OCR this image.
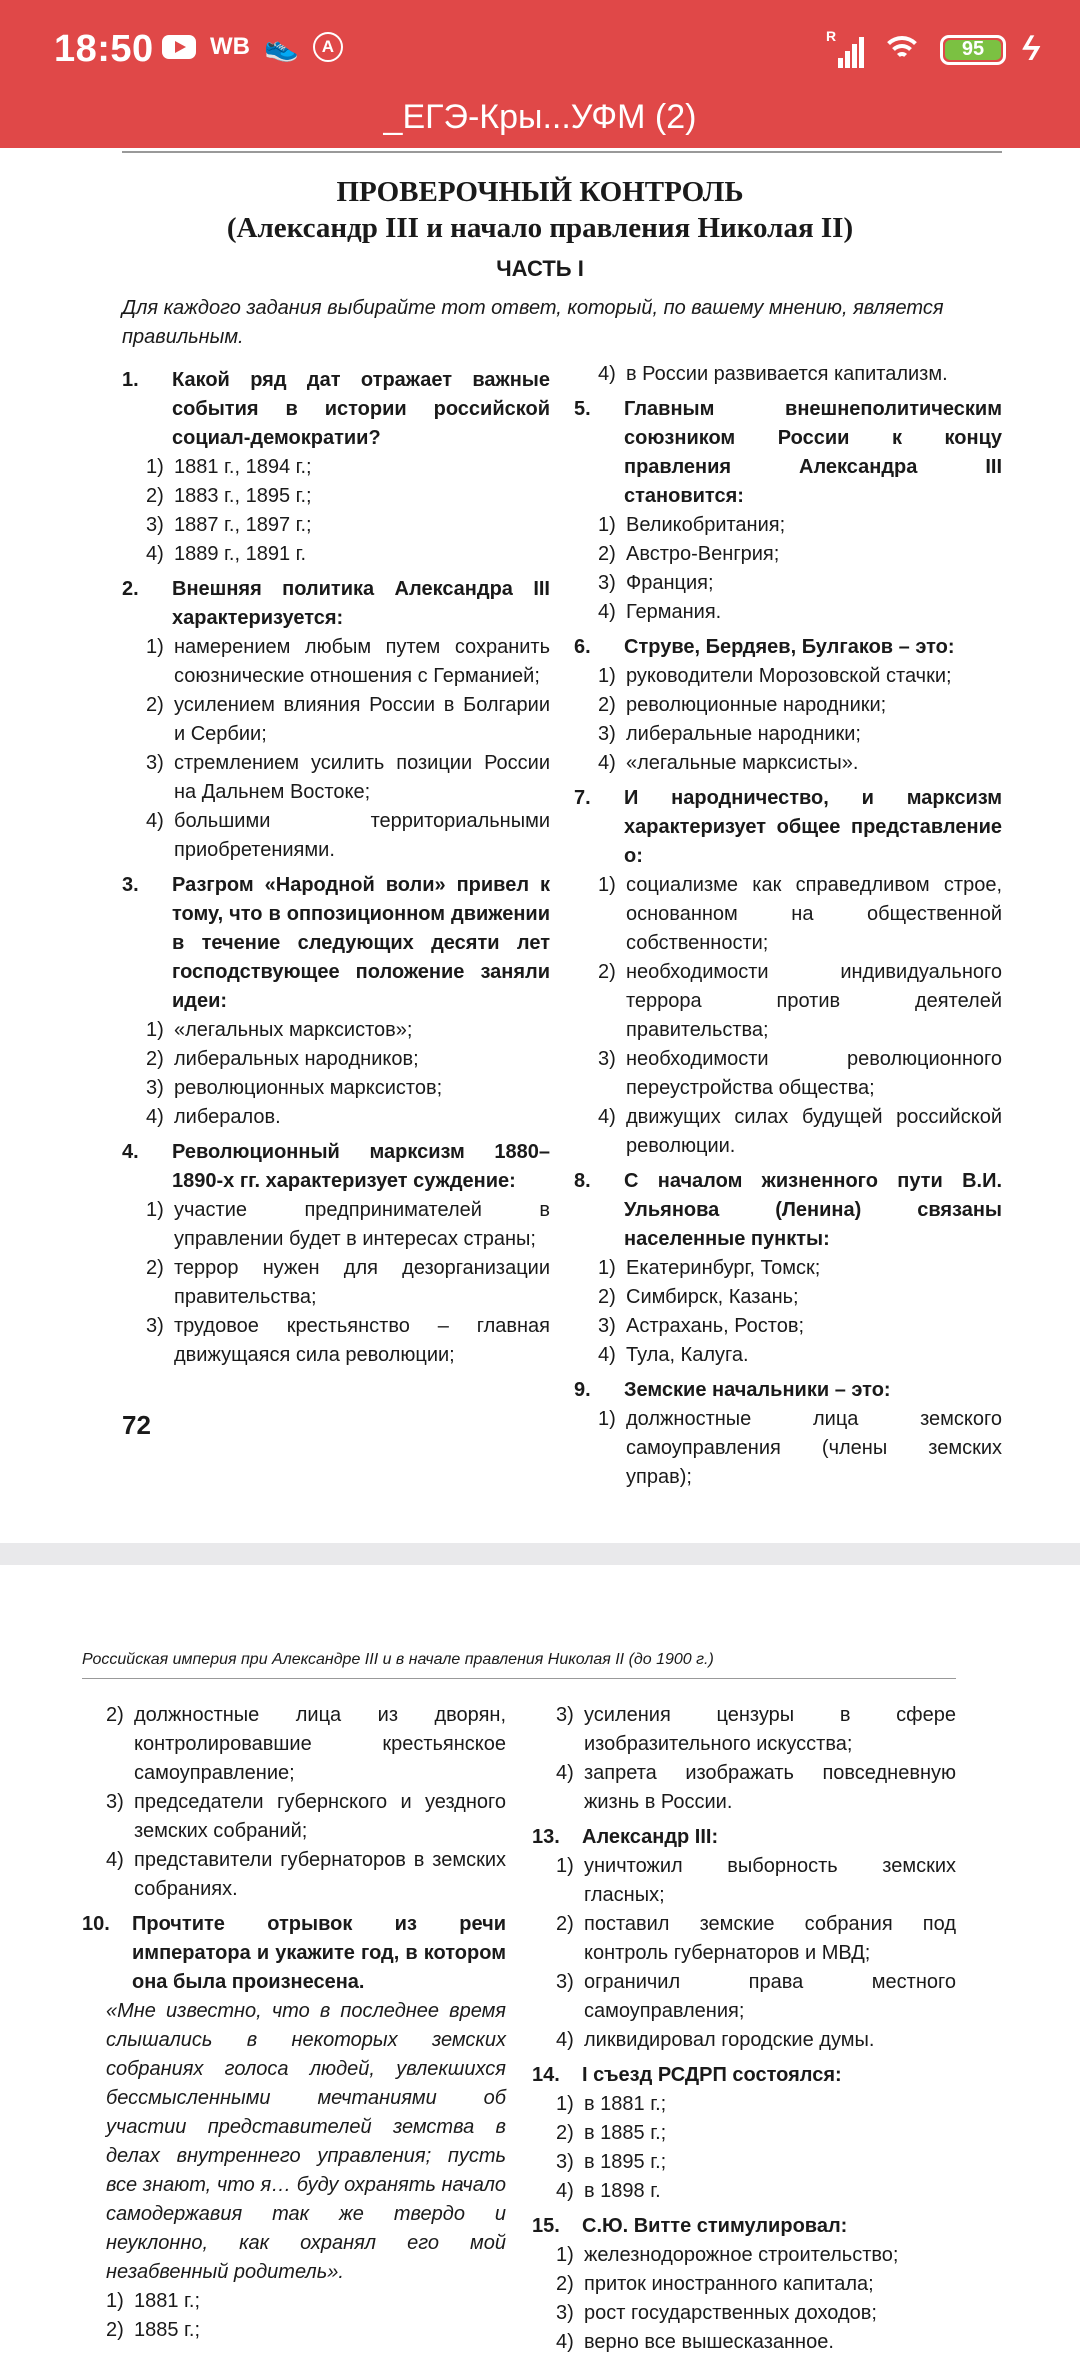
18:50 WB 👟	A
R
95 ϟ
_ЕГЭ-Кры...УФМ (2)
ПРОВЕРОЧНЫЙ КОНТРОЛЬ
(Александр III и начало правления Николая II)
ЧАСТЬ I
Для каждого задания выбирайте тот ответ, который, по вашему мнению, является правильным.
1.	Какой ряд дат отражает важные события в истории российской социал-демократии?
1) 1881 г., 1894 г.;
2) 1883 г., 1895 г.;
3) 1887 г., 1897 г.;
4) 1889 г., 1891 г.
2.	Внешняя политика Александра III характеризуется:
1) намерением любым путем сохранить союзнические отношения с Германией;
2) усилением влияния России в Болгарии и Сербии;
3) стремлением усилить позиции России на Дальнем Востоке;
4) большими территориальными приобретениями.
3.	Разгром «Народной воли» привел к тому, что в оппозиционном движении в течение следующих десяти лет господствующее положение заняли идеи:
1) «легальных марксистов»;
2) либеральных народников;
3) революционных марксистов;
4) либералов.
4.	Революционный марксизм 1880–1890-х гг. характеризует суждение:
1) участие предпринимателей в управлении будет в интересах страны;
2) террор нужен для дезорганизации правительства;
3) трудовое крестьянство – главная движущаяся сила революции;
4) в России развивается капитализм.
5.	Главным внешнеполитическим союзником России к концу правления Александра III становится:
1) Великобритания;
2) Австро-Венгрия;
3) Франция;
4) Германия.
6.	Струве, Бердяев, Булгаков – это:
1) руководители Морозовской стачки;
2) революционные народники;
3) либеральные народники;
4) «легальные марксисты».
7.	И народничество, и марксизм характеризует общее представление о:
1) социализме как справедливом строе, основанном на общественной собственности;
2) необходимости индивидуального террора против деятелей правительства;
3) необходимости революционного переустройства общества;
4) движущих силах будущей российской революции.
8.	С началом жизненного пути В.И. Ульянова (Ленина) связаны населенные пункты:
1) Екатеринбург, Томск;
2) Симбирск, Казань;
3) Астрахань, Ростов;
4) Тула, Калуга.
9.	Земские начальники – это:
1) должностные лица земского самоуправления (члены земских управ);
72
Российская империя при Александре III и в начале правления Николая II (до 1900 г.)
2) должностные лица из дворян, контролировавшие крестьянское самоуправление;
3) председатели губернского и уездного земских собраний;
4) представители губернаторов в земских собраниях.
10.	Прочтите отрывок из речи императора и укажите год, в котором она была произнесена.
«Мне известно, что в последнее время слышались в некоторых земских собраниях голоса людей, увлекшихся бессмысленными мечтаниями об участии представителей земства в делах внутреннего управления; пусть все знают, что я… буду охранять начало самодержавия так же твердо и неуклонно, как охранял его мой незабвенный родитель».
1) 1881 г.;
2) 1885 г.;
3) усиления цензуры в сфере изобразительного искусства;
4) запрета изображать повседневную жизнь в России.
13.	Александр III:
1) уничтожил выборность земских гласных;
2) поставил земские собрания под контроль губернаторов и МВД;
3) ограничил права местного самоуправления;
4) ликвидировал городские думы.
14.	I съезд РСДРП состоялся:
1) в 1881 г.;
2) в 1885 г.;
3) в 1895 г.;
4) в 1898 г.
15.	С.Ю. Витте стимулировал:
1) железнодорожное строительство;
2) приток иностранного капитала;
3) рост государственных доходов;
4) верно все вышесказанное.
